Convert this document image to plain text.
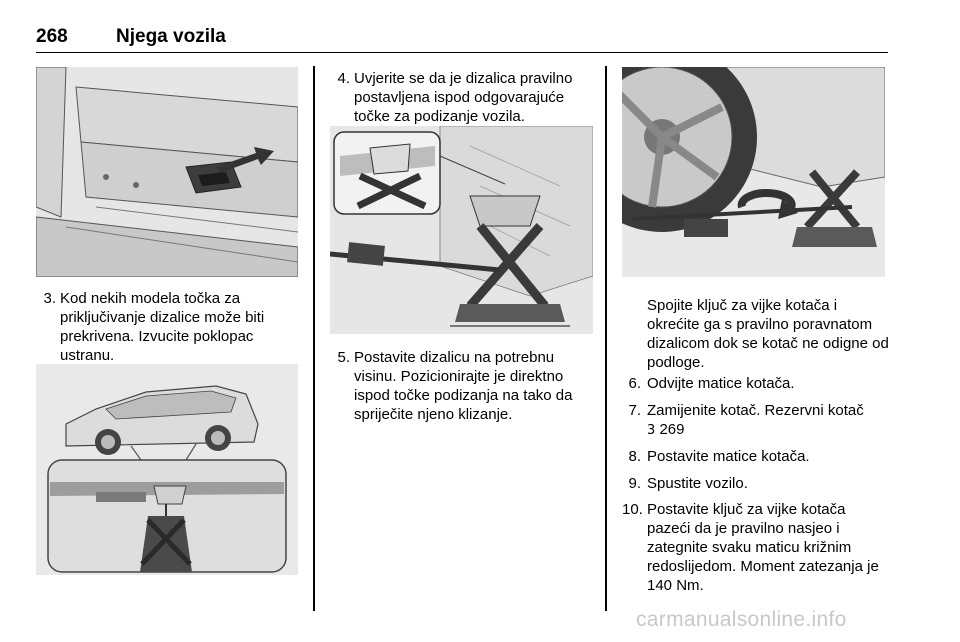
268	Njega vozila
3. Kod nekih modela točka za priključivanje dizalice može biti prekrivena. Izvucite poklopac ustranu.
4. Uvjerite se da je dizalica pravilno postavljena ispod odgovarajuće točke za podizanje vozila.
5. Postavite dizalicu na potrebnu visinu. Pozicionirajte je direktno ispod točke podizanja na tako da spriječite njeno klizanje.
Spojite ključ za vijke kotača i okrećite ga s pravilno poravnatom dizalicom dok se kotač ne odigne od podloge.
6. Odvijte matice kotača.
7. Zamijenite kotač. Rezervni kotač
3 269
8. Postavite matice kotača.
9. Spustite vozilo.
10. Postavite ključ za vijke kotača pazeći da je pravilno nasjeo i zategnite svaku maticu križnim redoslijedom. Moment zatezanja je 140 Nm.
carmanualsonline.info
